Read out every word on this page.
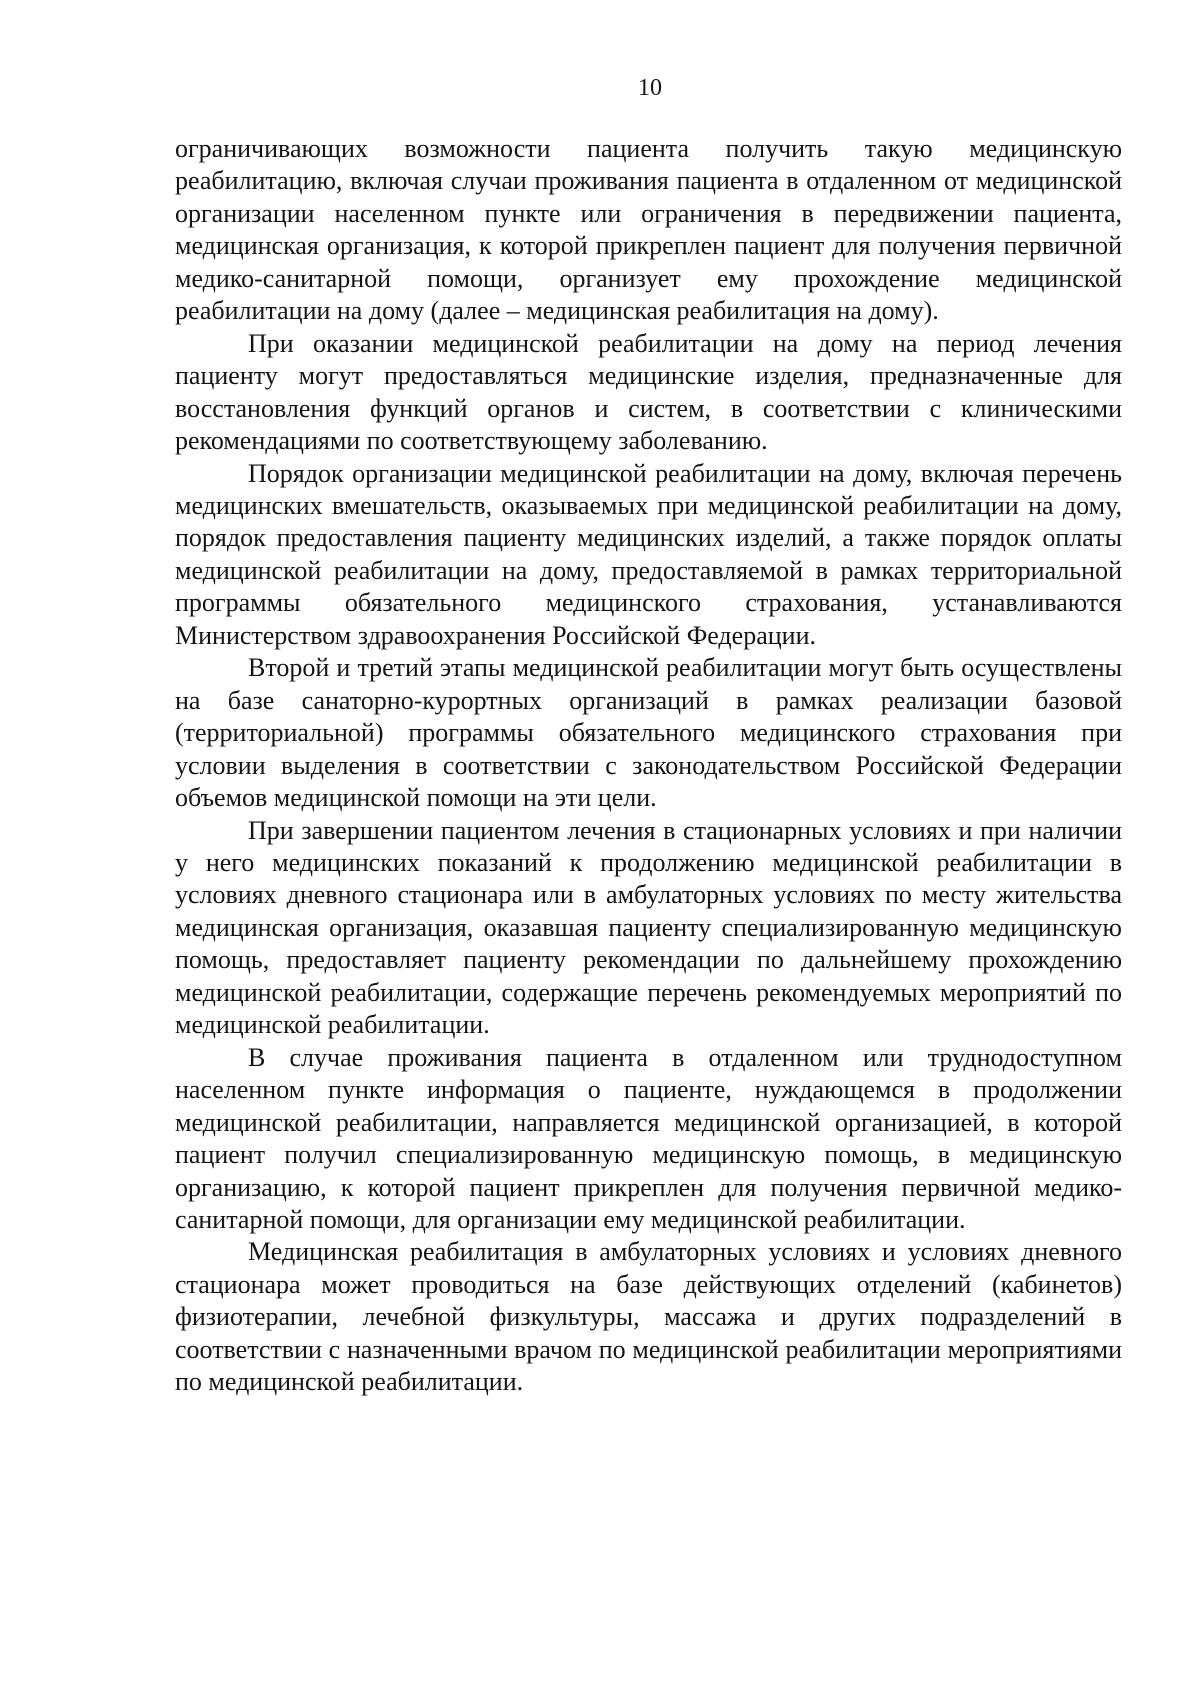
10

ограничивающих возможности пациента получить такую медицинскую реабилитацию, включая случаи проживания пациента в отдаленном от медицинской организации населенном пункте или ограничения в передвижении пациента, медицинская организация, к которой прикреплен пациент для получения первичной медико-санитарной помощи, организует ему прохождение медицинской реабилитации на дому (далее – медицинская реабилитация на дому).

При оказании медицинской реабилитации на дому на период лечения пациенту могут предоставляться медицинские изделия, предназначенные для восстановления функций органов и систем, в соответствии с клиническими рекомендациями по соответствующему заболеванию.

Порядок организации медицинской реабилитации на дому, включая перечень медицинских вмешательств, оказываемых при медицинской реабилитации на дому, порядок предоставления пациенту медицинских изделий, а также порядок оплаты медицинской реабилитации на дому, предоставляемой в рамках территориальной программы обязательного медицинского страхования, устанавливаются Министерством здравоохранения Российской Федерации.

Второй и третий этапы медицинской реабилитации могут быть осуществлены на базе санаторно-курортных организаций в рамках реализации базовой (территориальной) программы обязательного медицинского страхования при условии выделения в соответствии с законодательством Российской Федерации объемов медицинской помощи на эти цели.

При завершении пациентом лечения в стационарных условиях и при наличии у него медицинских показаний к продолжению медицинской реабилитации в условиях дневного стационара или в амбулаторных условиях по месту жительства медицинская организация, оказавшая пациенту специализированную медицинскую помощь, предоставляет пациенту рекомендации по дальнейшему прохождению медицинской реабилитации, содержащие перечень рекомендуемых мероприятий по медицинской реабилитации.

В случае проживания пациента в отдаленном или труднодоступном населенном пункте информация о пациенте, нуждающемся в продолжении медицинской реабилитации, направляется медицинской организацией, в которой пациент получил специализированную медицинскую помощь, в медицинскую организацию, к которой пациент прикреплен для получения первичной медико-санитарной помощи, для организации ему медицинской реабилитации.

Медицинская реабилитация в амбулаторных условиях и условиях дневного стационара может проводиться на базе действующих отделений (кабинетов) физиотерапии, лечебной физкультуры, массажа и других подразделений в соответствии с назначенными врачом по медицинской реабилитации мероприятиями по медицинской реабилитации.
